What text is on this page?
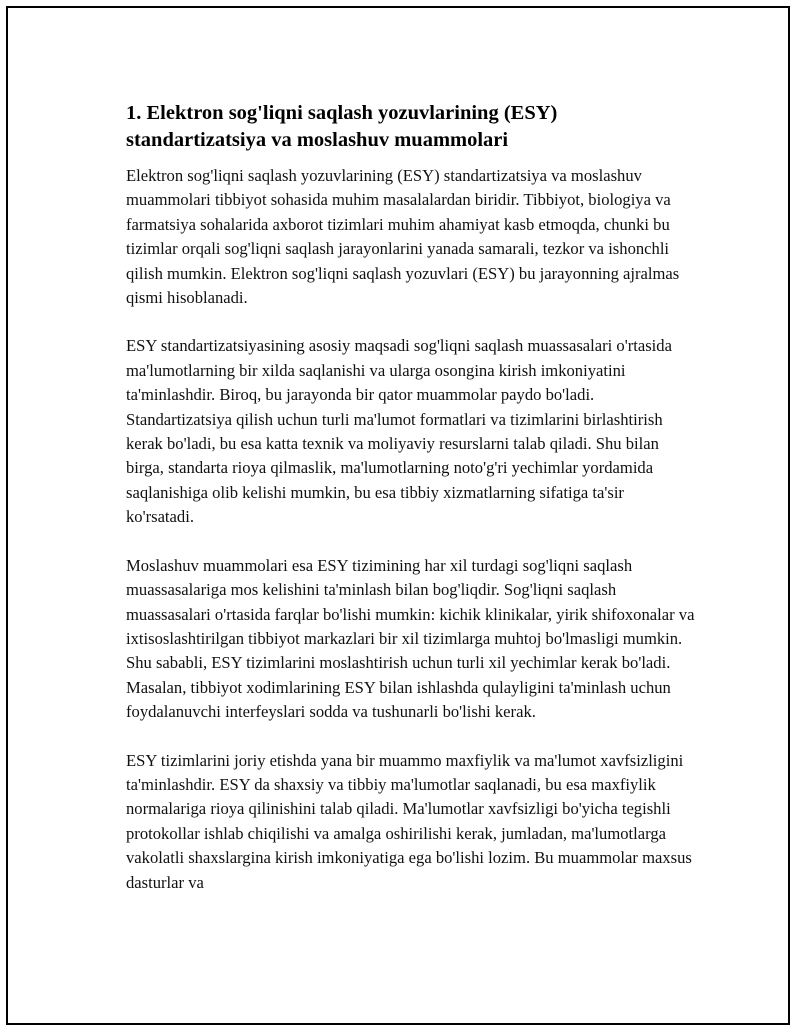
1. Elektron sog'liqni saqlash yozuvlarining (ESY) standartizatsiya va moslashuv muammolari

Elektron sog'liqni saqlash yozuvlarining (ESY) standartizatsiya va moslashuv muammolari tibbiyot sohasida muhim masalalardan biridir. Tibbiyot, biologiya va farmatsiya sohalarida axborot tizimlari muhim ahamiyat kasb etmoqda, chunki bu tizimlar orqali sog'liqni saqlash jarayonlarini yanada samarali, tezkor va ishonchli qilish mumkin. Elektron sog'liqni saqlash yozuvlari (ESY) bu jarayonning ajralmas qismi hisoblanadi.

ESY standartizatsiyasining asosiy maqsadi sog'liqni saqlash muassasalari o'rtasida ma'lumotlarning bir xilda saqlanishi va ularga osongina kirish imkoniyatini ta'minlashdir. Biroq, bu jarayonda bir qator muammolar paydo bo'ladi. Standartizatsiya qilish uchun turli ma'lumot formatlari va tizimlarini birlashtirish kerak bo'ladi, bu esa katta texnik va moliyaviy resurslarni talab qiladi. Shu bilan birga, standarta rioya qilmaslik, ma'lumotlarning noto'g'ri yechimlar yordamida saqlanishiga olib kelishi mumkin, bu esa tibbiy xizmatlarning sifatiga ta'sir ko'rsatadi.

Moslashuv muammolari esa ESY tizimining har xil turdagi sog'liqni saqlash muassasalariga mos kelishini ta'minlash bilan bog'liqdir. Sog'liqni saqlash muassasalari o'rtasida farqlar bo'lishi mumkin: kichik klinikalar, yirik shifoxonalar va ixtisoslashtirilgan tibbiyot markazlari bir xil tizimlarga muhtoj bo'lmasligi mumkin. Shu sababli, ESY tizimlarini moslashtirish uchun turli xil yechimlar kerak bo'ladi. Masalan, tibbiyot xodimlarining ESY bilan ishlashda qulayligini ta'minlash uchun foydalanuvchi interfeyslari sodda va tushunarli bo'lishi kerak.

ESY tizimlarini joriy etishda yana bir muammo maxfiylik va ma'lumot xavfsizligini ta'minlashdir. ESY da shaxsiy va tibbiy ma'lumotlar saqlanadi, bu esa maxfiylik normalariga rioya qilinishini talab qiladi. Ma'lumotlar xavfsizligi bo'yicha tegishli protokollar ishlab chiqilishi va amalga oshirilishi kerak, jumladan, ma'lumotlarga vakolatli shaxslargina kirish imkoniyatiga ega bo'lishi lozim. Bu muammolar maxsus dasturlar va
